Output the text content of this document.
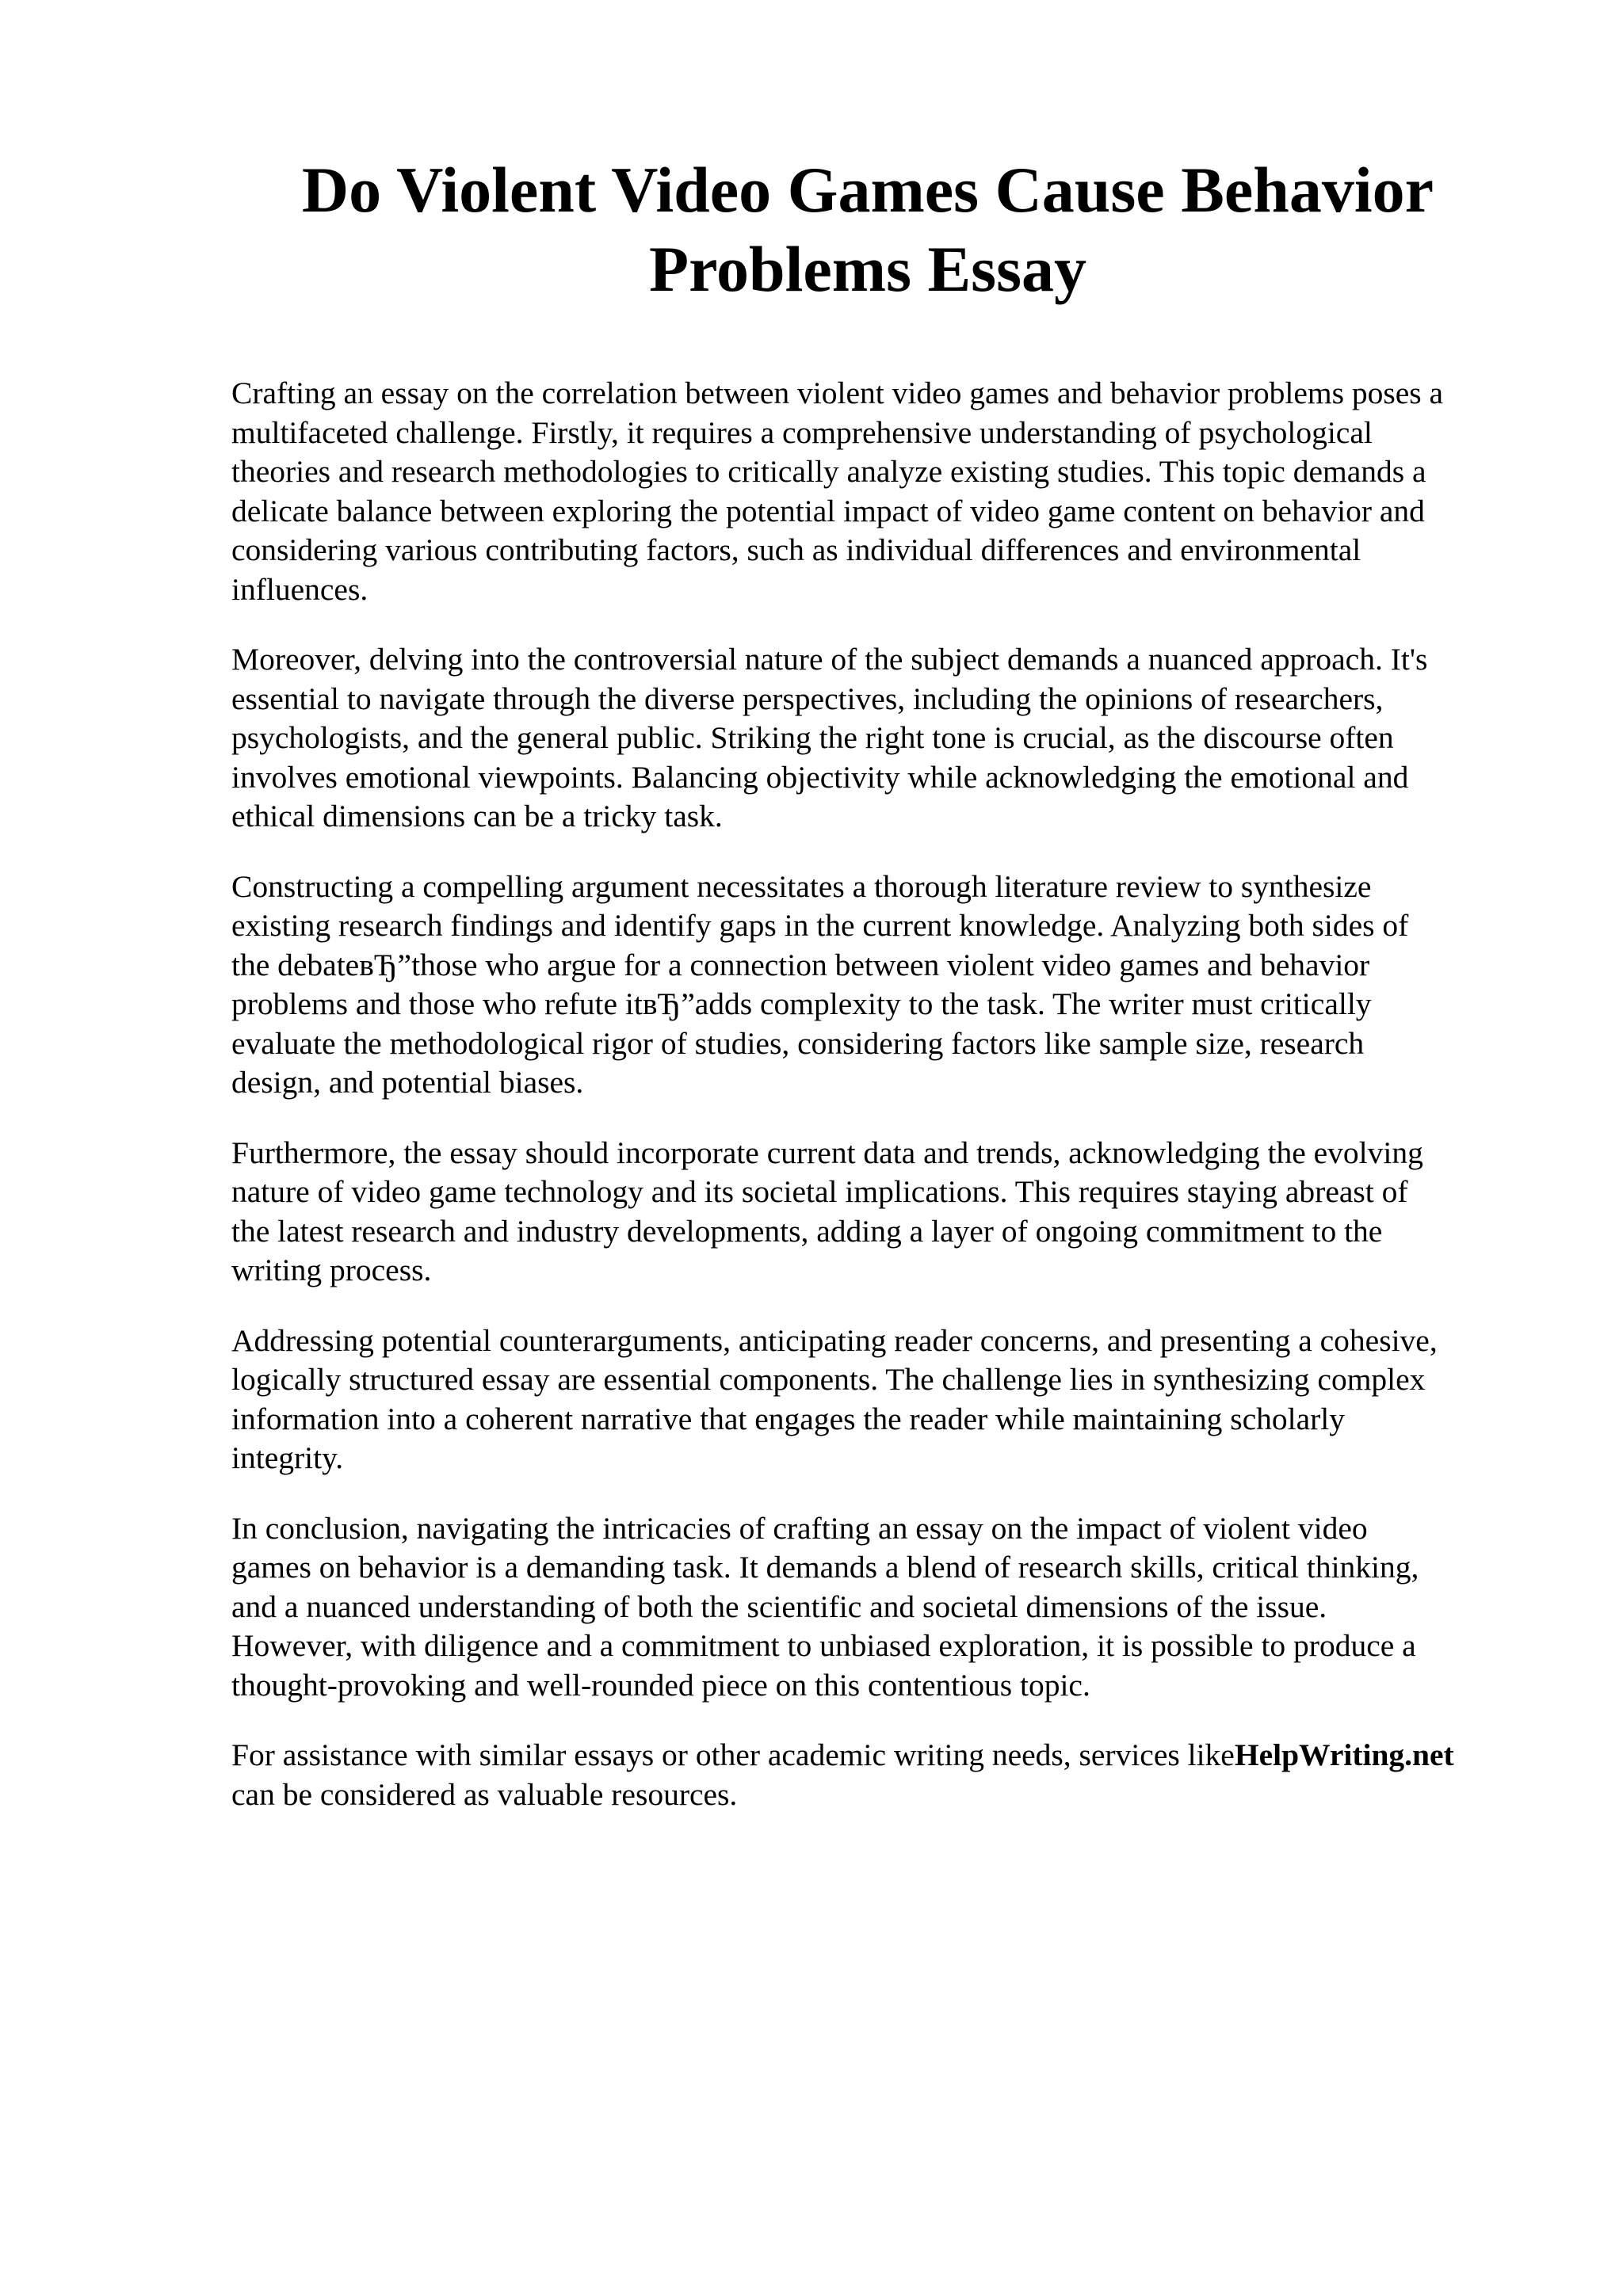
Do Violent Video Games Cause Behavior
Problems Essay

Crafting an essay on the correlation between violent video games and behavior problems poses a
multifaceted challenge. Firstly, it requires a comprehensive understanding of psychological
theories and research methodologies to critically analyze existing studies. This topic demands a
delicate balance between exploring the potential impact of video game content on behavior and
considering various contributing factors, such as individual differences and environmental
influences.

Moreover, delving into the controversial nature of the subject demands a nuanced approach. It's
essential to navigate through the diverse perspectives, including the opinions of researchers,
psychologists, and the general public. Striking the right tone is crucial, as the discourse often
involves emotional viewpoints. Balancing objectivity while acknowledging the emotional and
ethical dimensions can be a tricky task.

Constructing a compelling argument necessitates a thorough literature review to synthesize
existing research findings and identify gaps in the current knowledge. Analyzing both sides of
the debateвЂ”those who argue for a connection between violent video games and behavior
problems and those who refute itвЂ”adds complexity to the task. The writer must critically
evaluate the methodological rigor of studies, considering factors like sample size, research
design, and potential biases.

Furthermore, the essay should incorporate current data and trends, acknowledging the evolving
nature of video game technology and its societal implications. This requires staying abreast of
the latest research and industry developments, adding a layer of ongoing commitment to the
writing process.

Addressing potential counterarguments, anticipating reader concerns, and presenting a cohesive,
logically structured essay are essential components. The challenge lies in synthesizing complex
information into a coherent narrative that engages the reader while maintaining scholarly
integrity.

In conclusion, navigating the intricacies of crafting an essay on the impact of violent video
games on behavior is a demanding task. It demands a blend of research skills, critical thinking,
and a nuanced understanding of both the scientific and societal dimensions of the issue.
However, with diligence and a commitment to unbiased exploration, it is possible to produce a
thought-provoking and well-rounded piece on this contentious topic.

For assistance with similar essays or other academic writing needs, services likeHelpWriting.net
can be considered as valuable resources.
